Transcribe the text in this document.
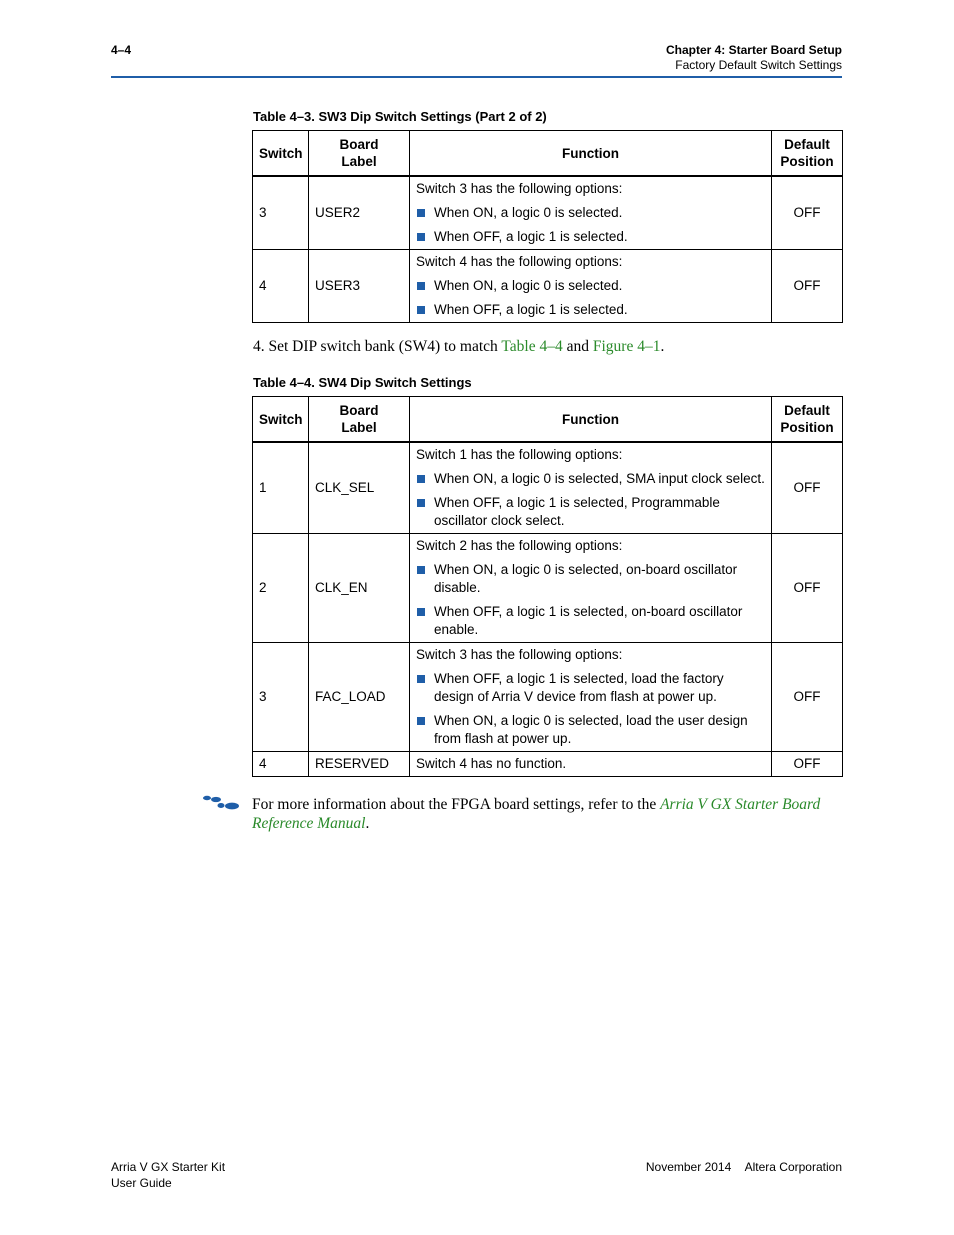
4–4	Chapter 4: Starter Board Setup
Factory Default Switch Settings
Table 4–3. SW3 Dip Switch Settings (Part 2 of 2)
Switch	Board
Label	Function	Default
Position
3	USER2	Switch 3 has the following options:
When ON, a logic 0 is selected.
When OFF, a logic 1 is selected.	OFF
4	USER3	Switch 4 has the following options:
When ON, a logic 0 is selected.
When OFF, a logic 1 is selected.	OFF
4. Set DIP switch bank (SW4) to match Table 4–4 and Figure 4–1.
Table 4–4. SW4 Dip Switch Settings
Switch	Board
Label	Function	Default
Position
1	CLK_SEL	Switch 1 has the following options:
When ON, a logic 0 is selected, SMA input clock select.
When OFF, a logic 1 is selected, Programmable oscillator clock select.	OFF
2	CLK_EN	Switch 2 has the following options:
When ON, a logic 0 is selected, on-board oscillator disable.
When OFF, a logic 1 is selected, on-board oscillator enable.	OFF
3	FAC_LOAD	Switch 3 has the following options:
When OFF, a logic 1 is selected, load the factory design of Arria V device from flash at power up.
When ON, a logic 0 is selected, load the user design from flash at power up.	OFF
4	RESERVED	Switch 4 has no function.	OFF
For more information about the FPGA board settings, refer to the Arria V GX Starter Board Reference Manual.
Arria V GX Starter Kit
User Guide
November 2014 Altera Corporation
